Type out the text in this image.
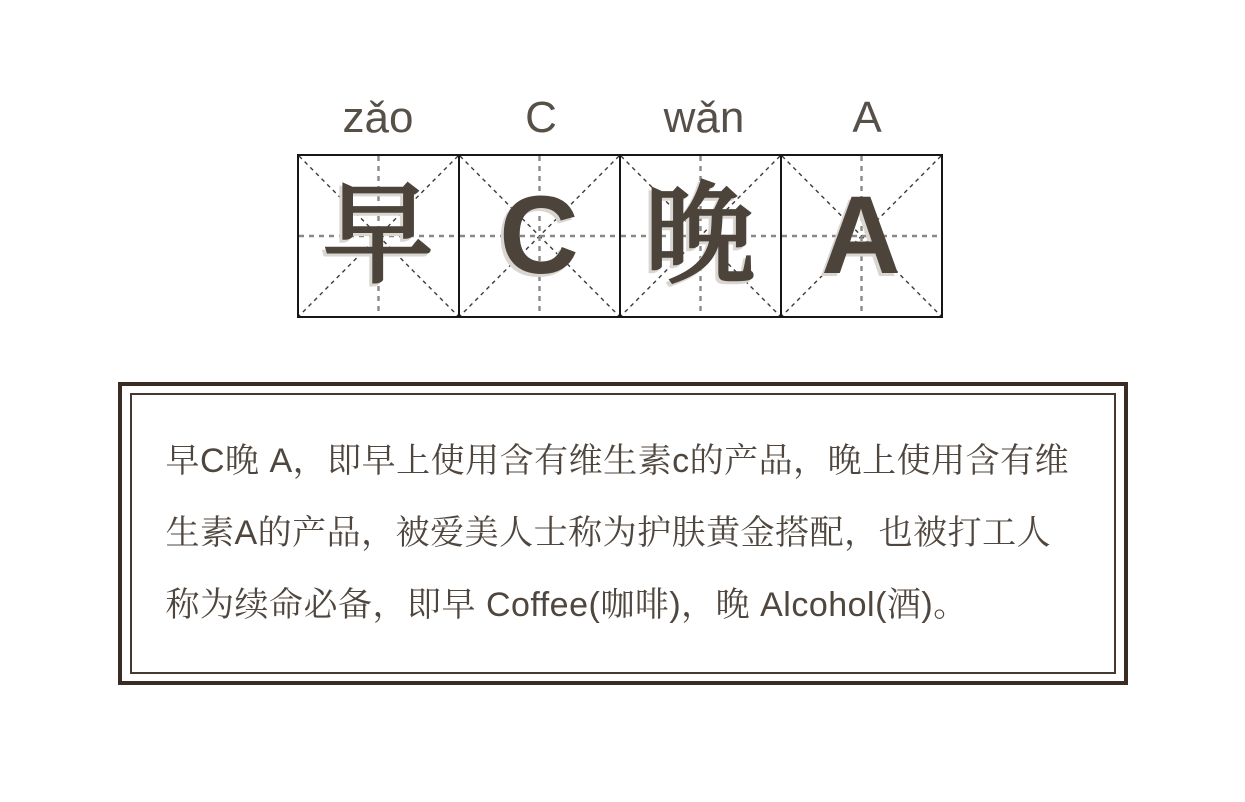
zǎo	C	wǎn	A
早 C 晚 A
早C晚 A，即早上使用含有维生素c的产品，晚上使用含有维
生素A的产品，被爱美人士称为护肤黄金搭配，也被打工人
称为续命必备，即早 Coffee(咖啡)，晚 Alcohol(酒)。
